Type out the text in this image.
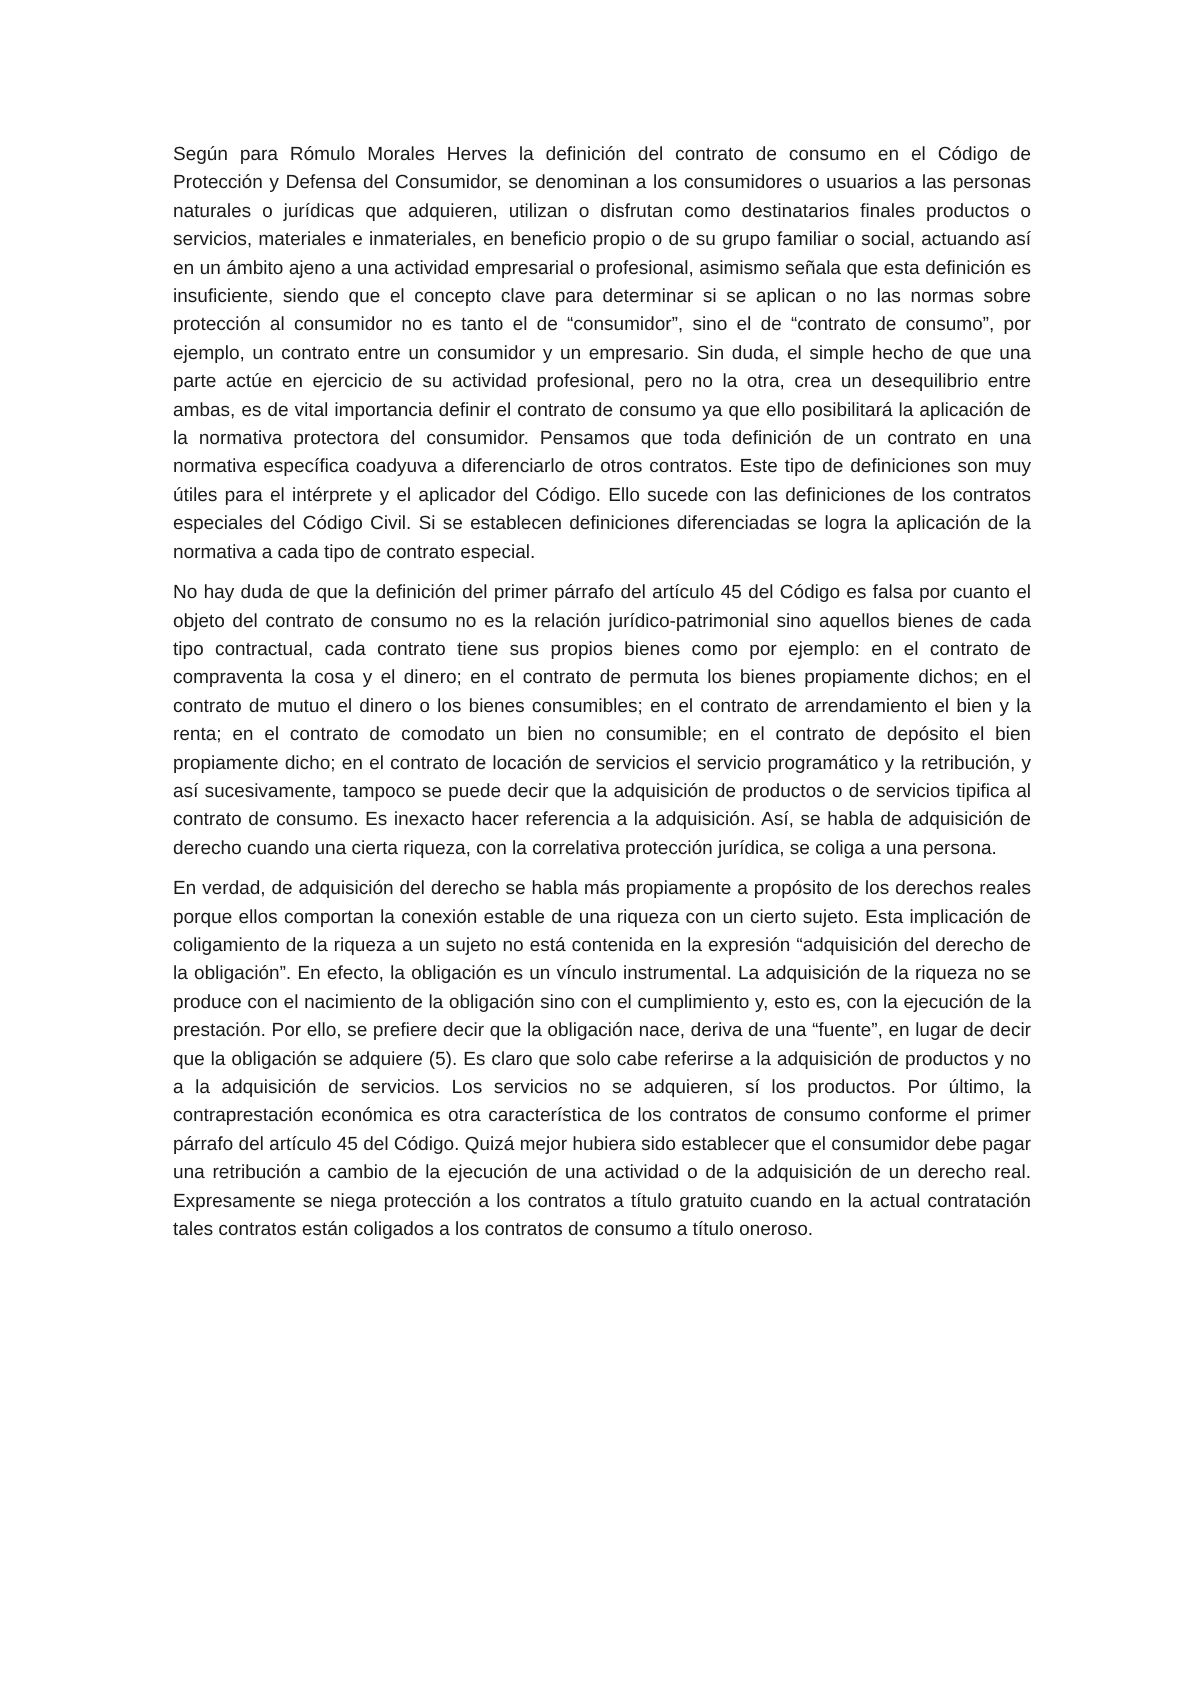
Según para Rómulo Morales Herves la definición del contrato de consumo en el Código de Protección y Defensa del Consumidor, se denominan a los consumidores o usuarios a las personas naturales o jurídicas que adquieren, utilizan o disfrutan como destinatarios finales productos o servicios, materiales e inmateriales, en beneficio propio o de su grupo familiar o social, actuando así en un ámbito ajeno a una actividad empresarial o profesional, asimismo señala que esta definición es insuficiente, siendo que el concepto clave para determinar si se aplican o no las normas sobre protección al consumidor no es tanto el de “consumidor”, sino el de “contrato de consumo”, por ejemplo, un contrato entre un consumidor y un empresario. Sin duda, el simple hecho de que una parte actúe en ejercicio de su actividad profesional, pero no la otra, crea un desequilibrio entre ambas, es de vital importancia definir el contrato de consumo ya que ello posibilitará la aplicación de la normativa protectora del consumidor. Pensamos que toda definición de un contrato en una normativa específica coadyuva a diferenciarlo de otros contratos. Este tipo de definiciones son muy útiles para el intérprete y el aplicador del Código. Ello sucede con las definiciones de los contratos especiales del Código Civil. Si se establecen definiciones diferenciadas se logra la aplicación de la normativa a cada tipo de contrato especial.

No hay duda de que la definición del primer párrafo del artículo 45 del Código es falsa por cuanto el objeto del contrato de consumo no es la relación jurídico-patrimonial sino aquellos bienes de cada tipo contractual, cada contrato tiene sus propios bienes como por ejemplo: en el contrato de compraventa la cosa y el dinero; en el contrato de permuta los bienes propiamente dichos; en el contrato de mutuo el dinero o los bienes consumibles; en el contrato de arrendamiento el bien y la renta; en el contrato de comodato un bien no consumible; en el contrato de depósito el bien propiamente dicho; en el contrato de locación de servicios el servicio programático y la retribución, y así sucesivamente, tampoco se puede decir que la adquisición de productos o de servicios tipifica al contrato de consumo. Es inexacto hacer referencia a la adquisición. Así, se habla de adquisición de derecho cuando una cierta riqueza, con la correlativa protección jurídica, se coliga a una persona.

En verdad, de adquisición del derecho se habla más propiamente a propósito de los derechos reales porque ellos comportan la conexión estable de una riqueza con un cierto sujeto. Esta implicación de coligamiento de la riqueza a un sujeto no está contenida en la expresión “adquisición del derecho de la obligación”. En efecto, la obligación es un vínculo instrumental. La adquisición de la riqueza no se produce con el nacimiento de la obligación sino con el cumplimiento y, esto es, con la ejecución de la prestación. Por ello, se prefiere decir que la obligación nace, deriva de una “fuente”, en lugar de decir que la obligación se adquiere (5). Es claro que solo cabe referirse a la adquisición de productos y no a la adquisición de servicios. Los servicios no se adquieren, sí los productos. Por último, la contraprestación económica es otra característica de los contratos de consumo conforme el primer párrafo del artículo 45 del Código. Quizá mejor hubiera sido establecer que el consumidor debe pagar una retribución a cambio de la ejecución de una actividad o de la adquisición de un derecho real. Expresamente se niega protección a los contratos a título gratuito cuando en la actual contratación tales contratos están coligados a los contratos de consumo a título oneroso.
